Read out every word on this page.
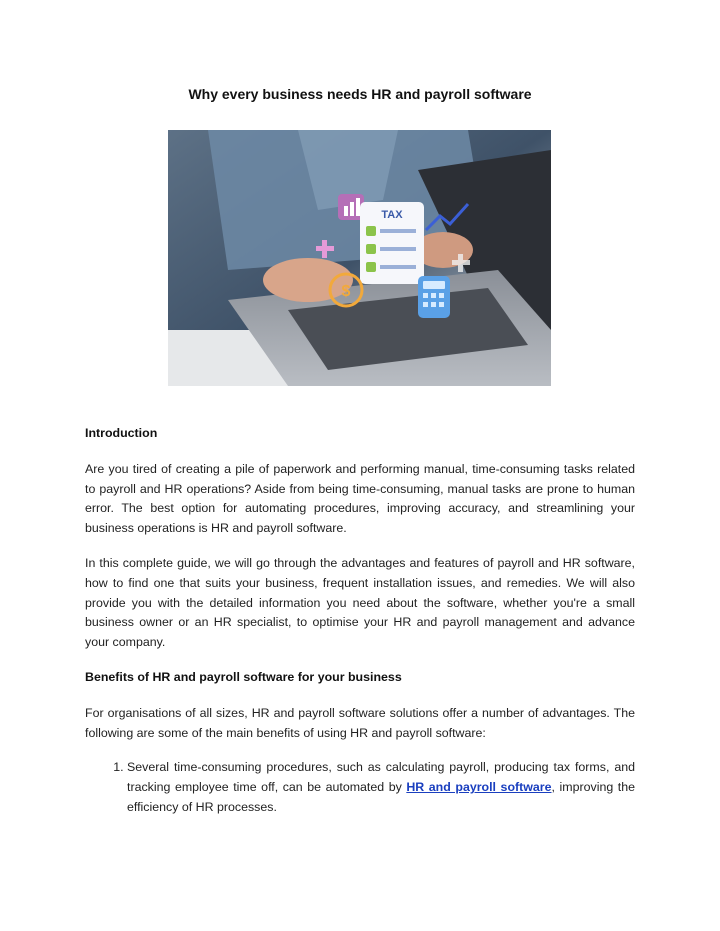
Why every business needs HR and payroll software
TAX
$

Introduction

Are you tired of creating a pile of paperwork and performing manual, time-consuming tasks related to payroll and HR operations? Aside from being time-consuming, manual tasks are prone to human error. The best option for automating procedures, improving accuracy, and streamlining your business operations is HR and payroll software.

In this complete guide, we will go through the advantages and features of payroll and HR software, how to find one that suits your business, frequent installation issues, and remedies. We will also provide you with the detailed information you need about the software, whether you're a small business owner or an HR specialist, to optimise your HR and payroll management and advance your company.

Benefits of HR and payroll software for your business

For organisations of all sizes, HR and payroll software solutions offer a number of advantages. The following are some of the main benefits of using HR and payroll software:

1. Several time-consuming procedures, such as calculating payroll, producing tax forms, and tracking employee time off, can be automated by HR and payroll software, improving the efficiency of HR processes.
